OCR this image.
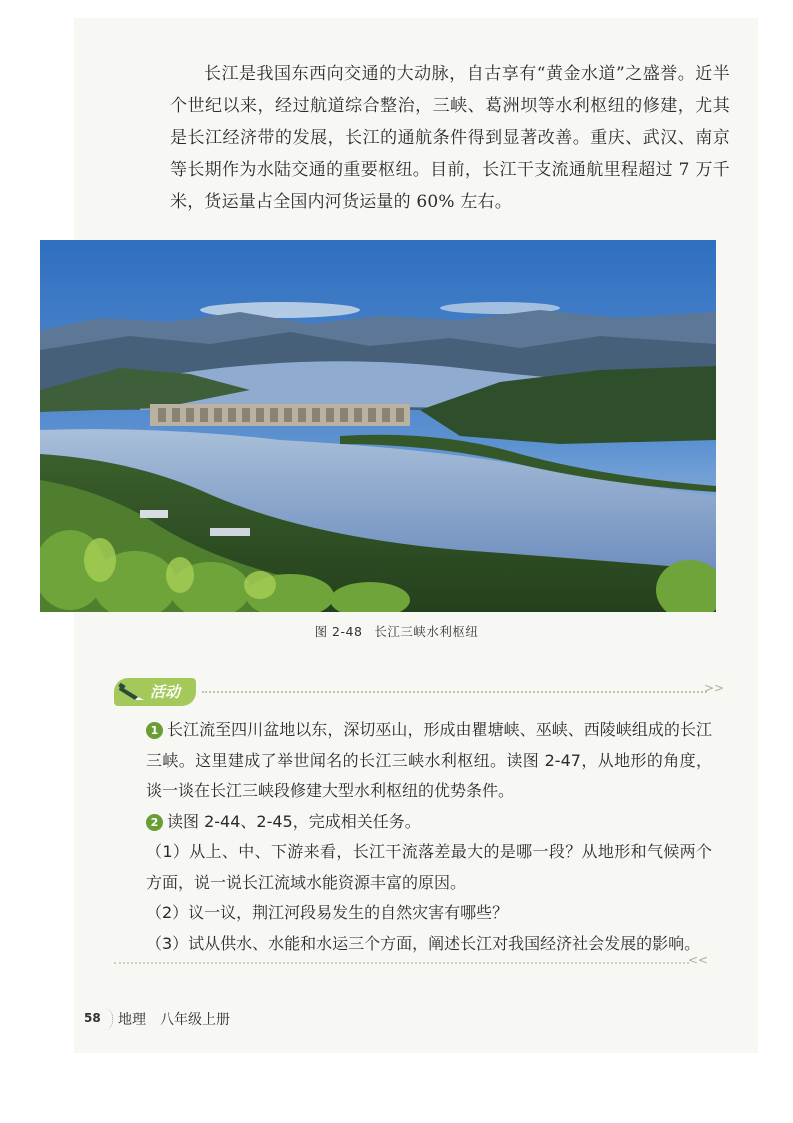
长江是我国东西向交通的大动脉，自古享有“黄金水道”之盛誉。近半个世纪以来，经过航道综合整治，三峡、葛洲坝等水利枢纽的修建，尤其是长江经济带的发展，长江的通航条件得到显著改善。重庆、武汉、南京等长期作为水陆交通的重要枢纽。目前，长江干支流通航里程超过 7 万千米，货运量占全国内河货运量的 60% 左右。

图 2-48 长江三峡水利枢纽
活动	>>

1 长江流至四川盆地以东，深切巫山，形成由瞿塘峡、巫峡、西陵峡组成的长江三峡。这里建成了举世闻名的长江三峡水利枢纽。读图 2-47，从地形的角度，谈一谈在长江三峡段修建大型水利枢纽的优势条件。

2 读图 2-44、2-45，完成相关任务。

（1）从上、中、下游来看，长江干流落差最大的是哪一段？从地形和气候两个方面，说一说长江流域水能资源丰富的原因。

（2）议一议，荆江河段易发生的自然灾害有哪些？

（3）试从供水、水能和水运三个方面，阐述长江对我国经济社会发展的影响。

<<
58 地理 八年级上册
